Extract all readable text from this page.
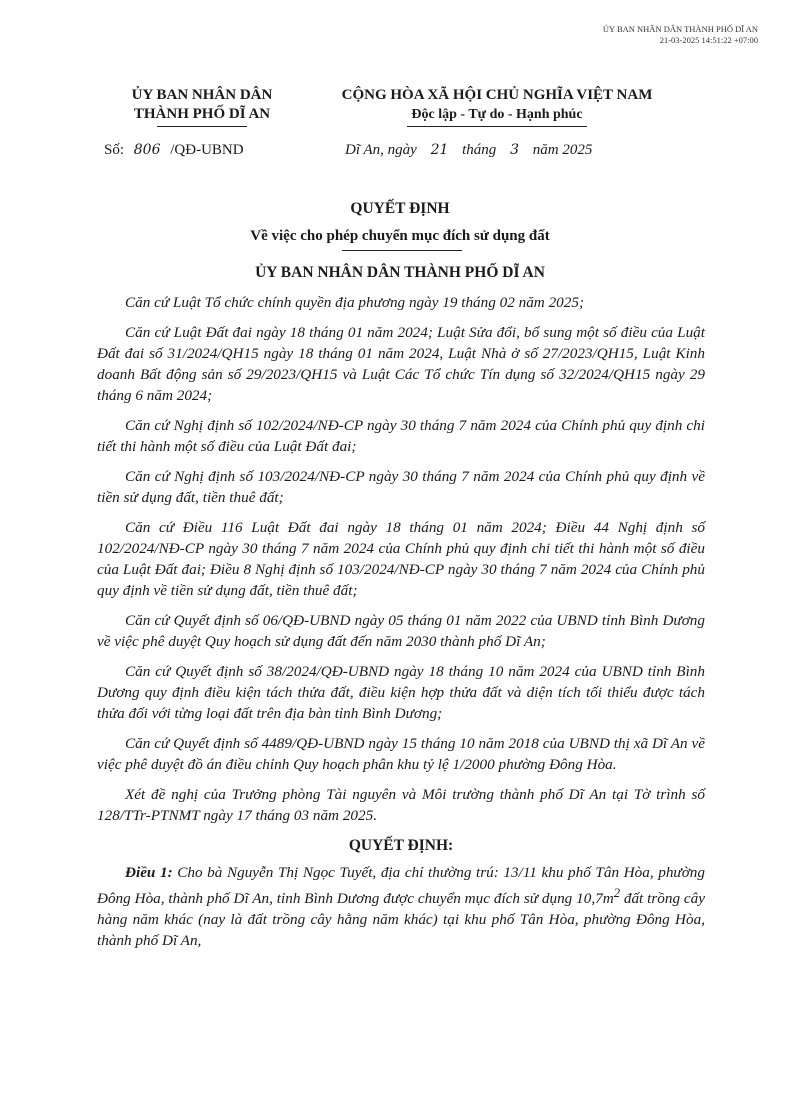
ỦY BAN NHÂN DÂN THÀNH PHỐ DĨ AN
21-03-2025 14:51:22 +07:00
ỦY BAN NHÂN DÂN
THÀNH PHỐ DĨ AN
CỘNG HÒA XÃ HỘI CHỦ NGHĨA VIỆT NAM
Độc lập - Tự do - Hạnh phúc
Số: 806 /QĐ-UBND	Dĩ An, ngày 21 tháng 3 năm 2025
QUYẾT ĐỊNH
Về việc cho phép chuyển mục đích sử dụng đất
ỦY BAN NHÂN DÂN THÀNH PHỐ DĨ AN

Căn cứ Luật Tổ chức chính quyền địa phương ngày 19 tháng 02 năm 2025;

Căn cứ Luật Đất đai ngày 18 tháng 01 năm 2024; Luật Sửa đổi, bổ sung một số điều của Luật Đất đai số 31/2024/QH15 ngày 18 tháng 01 năm 2024, Luật Nhà ở số 27/2023/QH15, Luật Kinh doanh Bất động sản số 29/2023/QH15 và Luật Các Tổ chức Tín dụng số 32/2024/QH15 ngày 29 tháng 6 năm 2024;

Căn cứ Nghị định số 102/2024/NĐ-CP ngày 30 tháng 7 năm 2024 của Chính phủ quy định chi tiết thi hành một số điều của Luật Đất đai;

Căn cứ Nghị định số 103/2024/NĐ-CP ngày 30 tháng 7 năm 2024 của Chính phủ quy định về tiền sử dụng đất, tiền thuê đất;

Căn cứ Điều 116 Luật Đất đai ngày 18 tháng 01 năm 2024; Điều 44 Nghị định số 102/2024/NĐ-CP ngày 30 tháng 7 năm 2024 của Chính phủ quy định chi tiết thi hành một số điều của Luật Đất đai; Điều 8 Nghị định số 103/2024/NĐ-CP ngày 30 tháng 7 năm 2024 của Chính phủ quy định về tiền sử dụng đất, tiền thuê đất;

Căn cứ Quyết định số 06/QĐ-UBND ngày 05 tháng 01 năm 2022 của UBND tỉnh Bình Dương về việc phê duyệt Quy hoạch sử dụng đất đến năm 2030 thành phố Dĩ An;

Căn cứ Quyết định số 38/2024/QĐ-UBND ngày 18 tháng 10 năm 2024 của UBND tỉnh Bình Dương quy định điều kiện tách thửa đất, điều kiện hợp thửa đất và diện tích tối thiểu được tách thửa đối với từng loại đất trên địa bàn tỉnh Bình Dương;

Căn cứ Quyết định số 4489/QĐ-UBND ngày 15 tháng 10 năm 2018 của UBND thị xã Dĩ An về việc phê duyệt đồ án điều chỉnh Quy hoạch phân khu tỷ lệ 1/2000 phường Đông Hòa.

Xét đề nghị của Trưởng phòng Tài nguyên và Môi trường thành phố Dĩ An tại Tờ trình số 128/TTr-PTNMT ngày 17 tháng 03 năm 2025.

QUYẾT ĐỊNH:

Điều 1: Cho bà Nguyễn Thị Ngọc Tuyết, địa chỉ thường trú: 13/11 khu phố Tân Hòa, phường Đông Hòa, thành phố Dĩ An, tỉnh Bình Dương được chuyển mục đích sử dụng $10,7m^2$ đất trồng cây hàng năm khác (nay là đất trồng cây hằng năm khác) tại khu phố Tân Hòa, phường Đông Hòa, thành phố Dĩ An,
